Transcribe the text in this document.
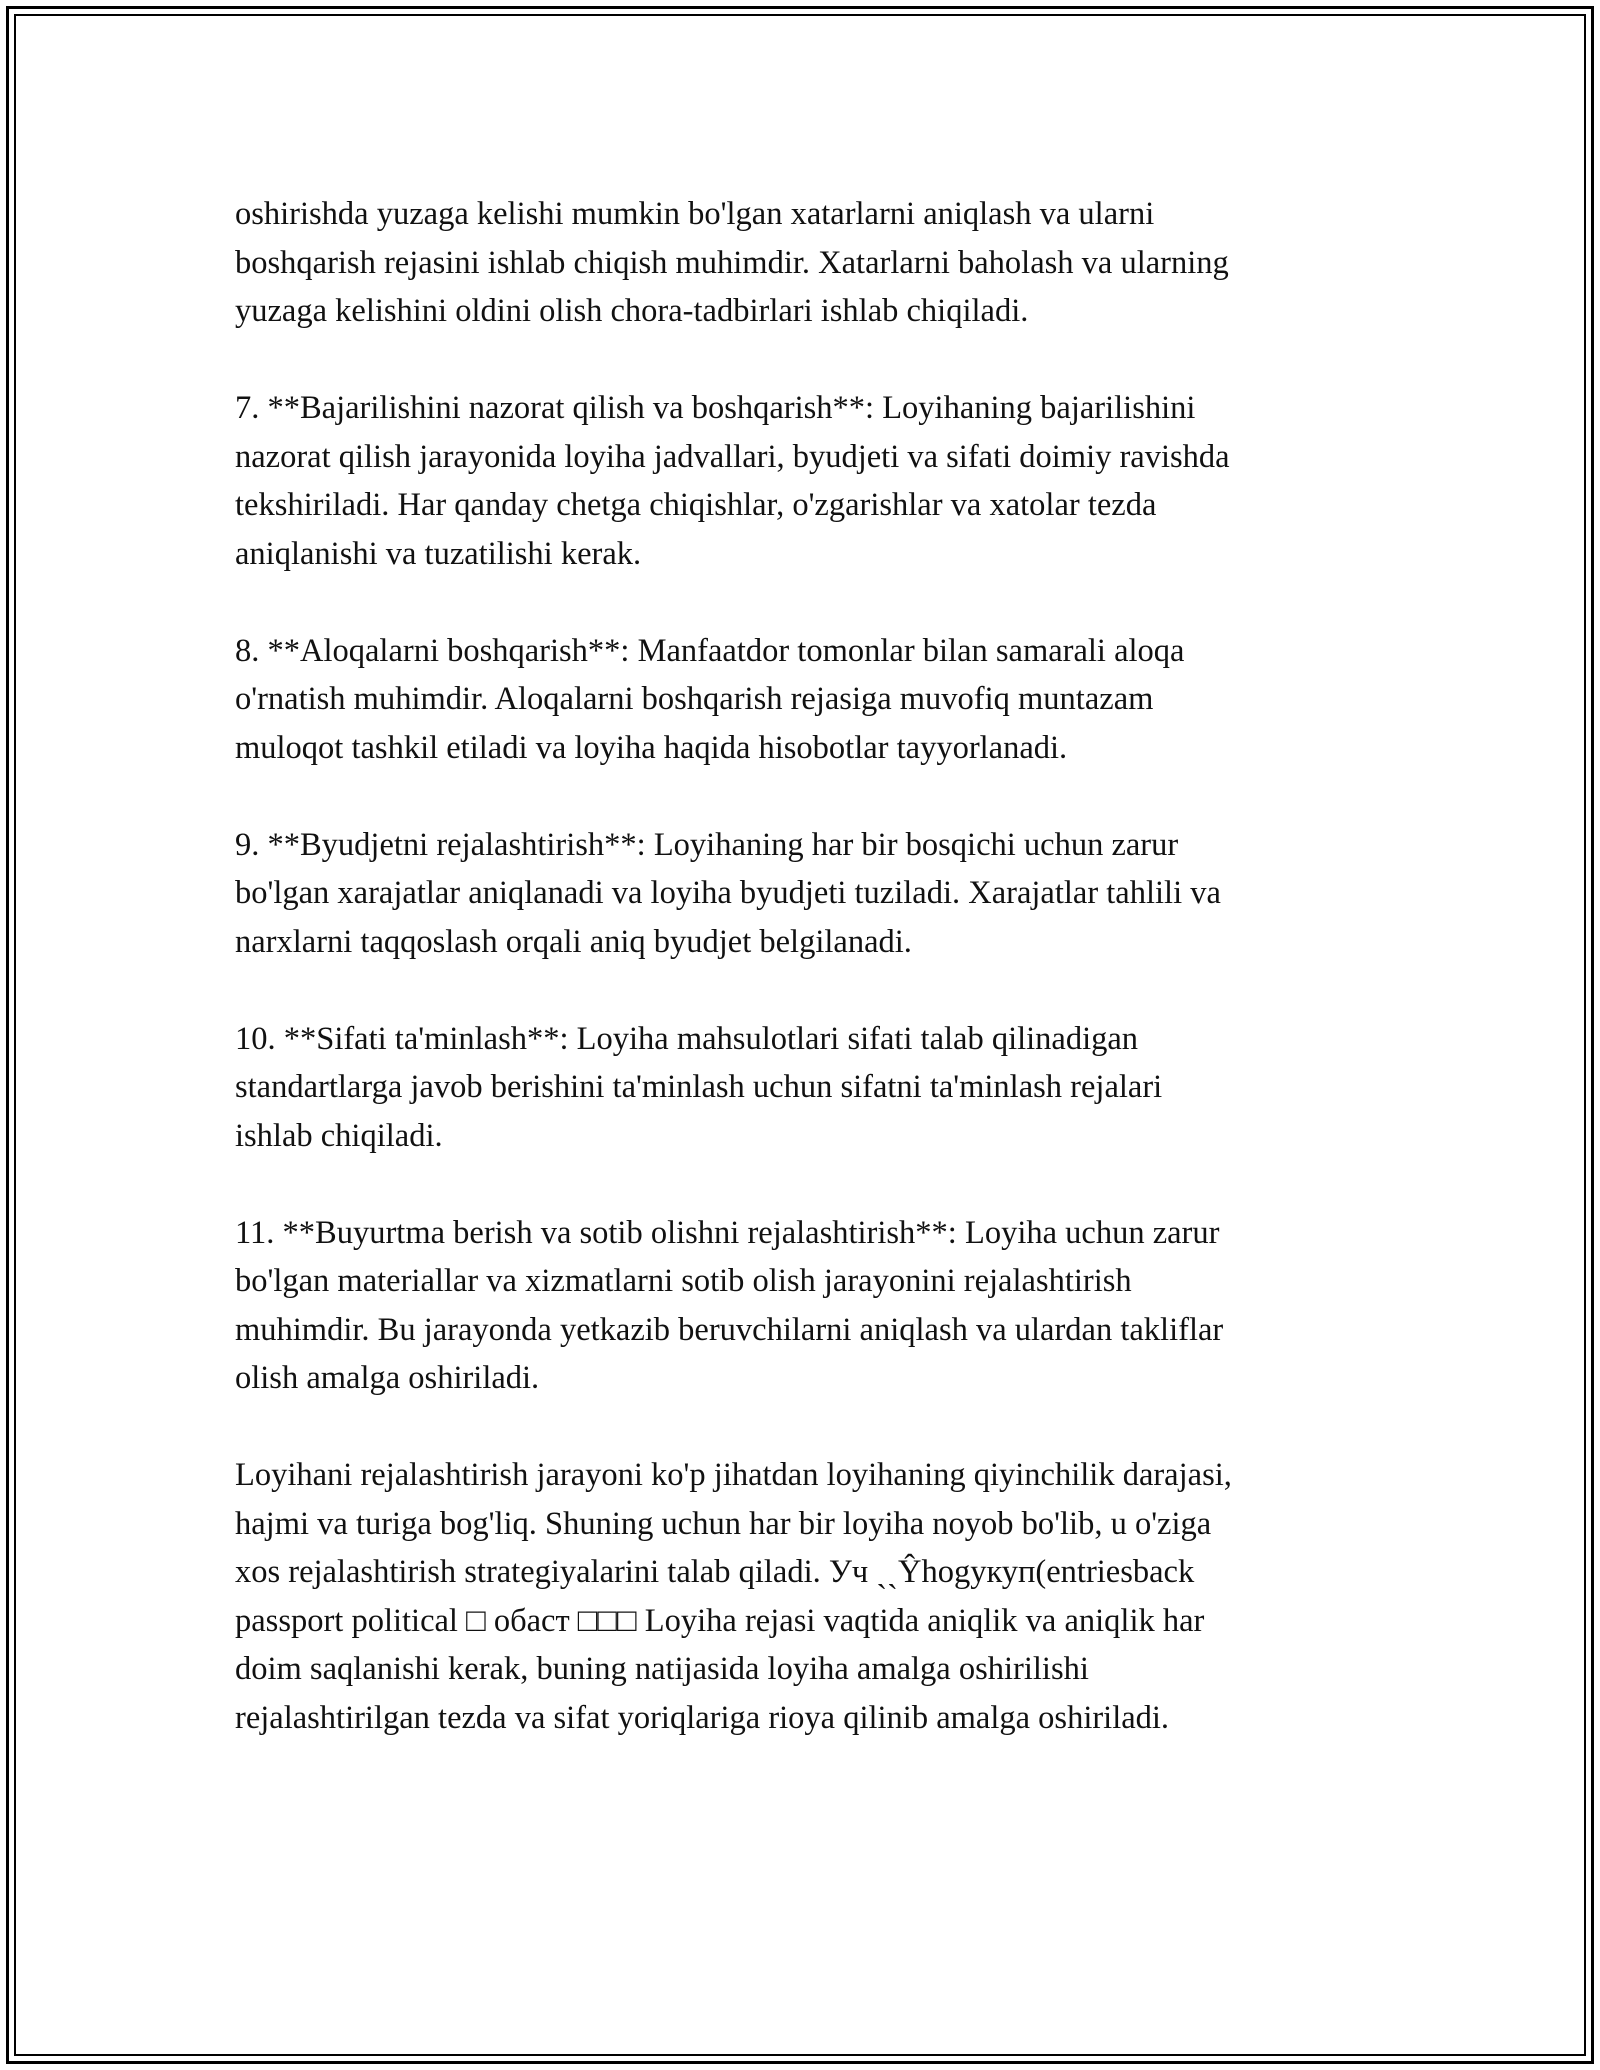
oshirishda yuzaga kelishi mumkin bo'lgan xatarlarni aniqlash va ularni
boshqarish rejasini ishlab chiqish muhimdir. Xatarlarni baholash va ularning
yuzaga kelishini oldini olish chora-tadbirlari ishlab chiqiladi.

7. **Bajarilishini nazorat qilish va boshqarish**: Loyihaning bajarilishini
nazorat qilish jarayonida loyiha jadvallari, byudjeti va sifati doimiy ravishda
tekshiriladi. Har qanday chetga chiqishlar, o'zgarishlar va xatolar tezda
aniqlanishi va tuzatilishi kerak.

8. **Aloqalarni boshqarish**: Manfaatdor tomonlar bilan samarali aloqa
o'rnatish muhimdir. Aloqalarni boshqarish rejasiga muvofiq muntazam
muloqot tashkil etiladi va loyiha haqida hisobotlar tayyorlanadi.

9. **Byudjetni rejalashtirish**: Loyihaning har bir bosqichi uchun zarur
bo'lgan xarajatlar aniqlanadi va loyiha byudjeti tuziladi. Xarajatlar tahlili va
narxlarni taqqoslash orqali aniq byudjet belgilanadi.

10. **Sifati ta'minlash**: Loyiha mahsulotlari sifati talab qilinadigan
standartlarga javob berishini ta'minlash uchun sifatni ta'minlash rejalari
ishlab chiqiladi.

11. **Buyurtma berish va sotib olishni rejalashtirish**: Loyiha uchun zarur
bo'lgan materiallar va xizmatlarni sotib olish jarayonini rejalashtirish
muhimdir. Bu jarayonda yetkazib beruvchilarni aniqlash va ulardan takliflar
olish amalga oshiriladi.

Loyihani rejalashtirish jarayoni ko'p jihatdan loyihaning qiyinchilik darajasi,
hajmi va turiga bog'liq. Shuning uchun har bir loyiha noyob bo'lib, u o'ziga
xos rejalashtirish strategiyalarini talab qiladi. Уч ˏˏŶhogyкуп(entriesback
passport political □ обаст □□□ Loyiha rejasi vaqtida aniqlik va aniqlik har
doim saqlanishi kerak, buning natijasida loyiha amalga oshirilishi
rejalashtirilgan tezda va sifat yoriqlariga rioya qilinib amalga oshiriladi.
